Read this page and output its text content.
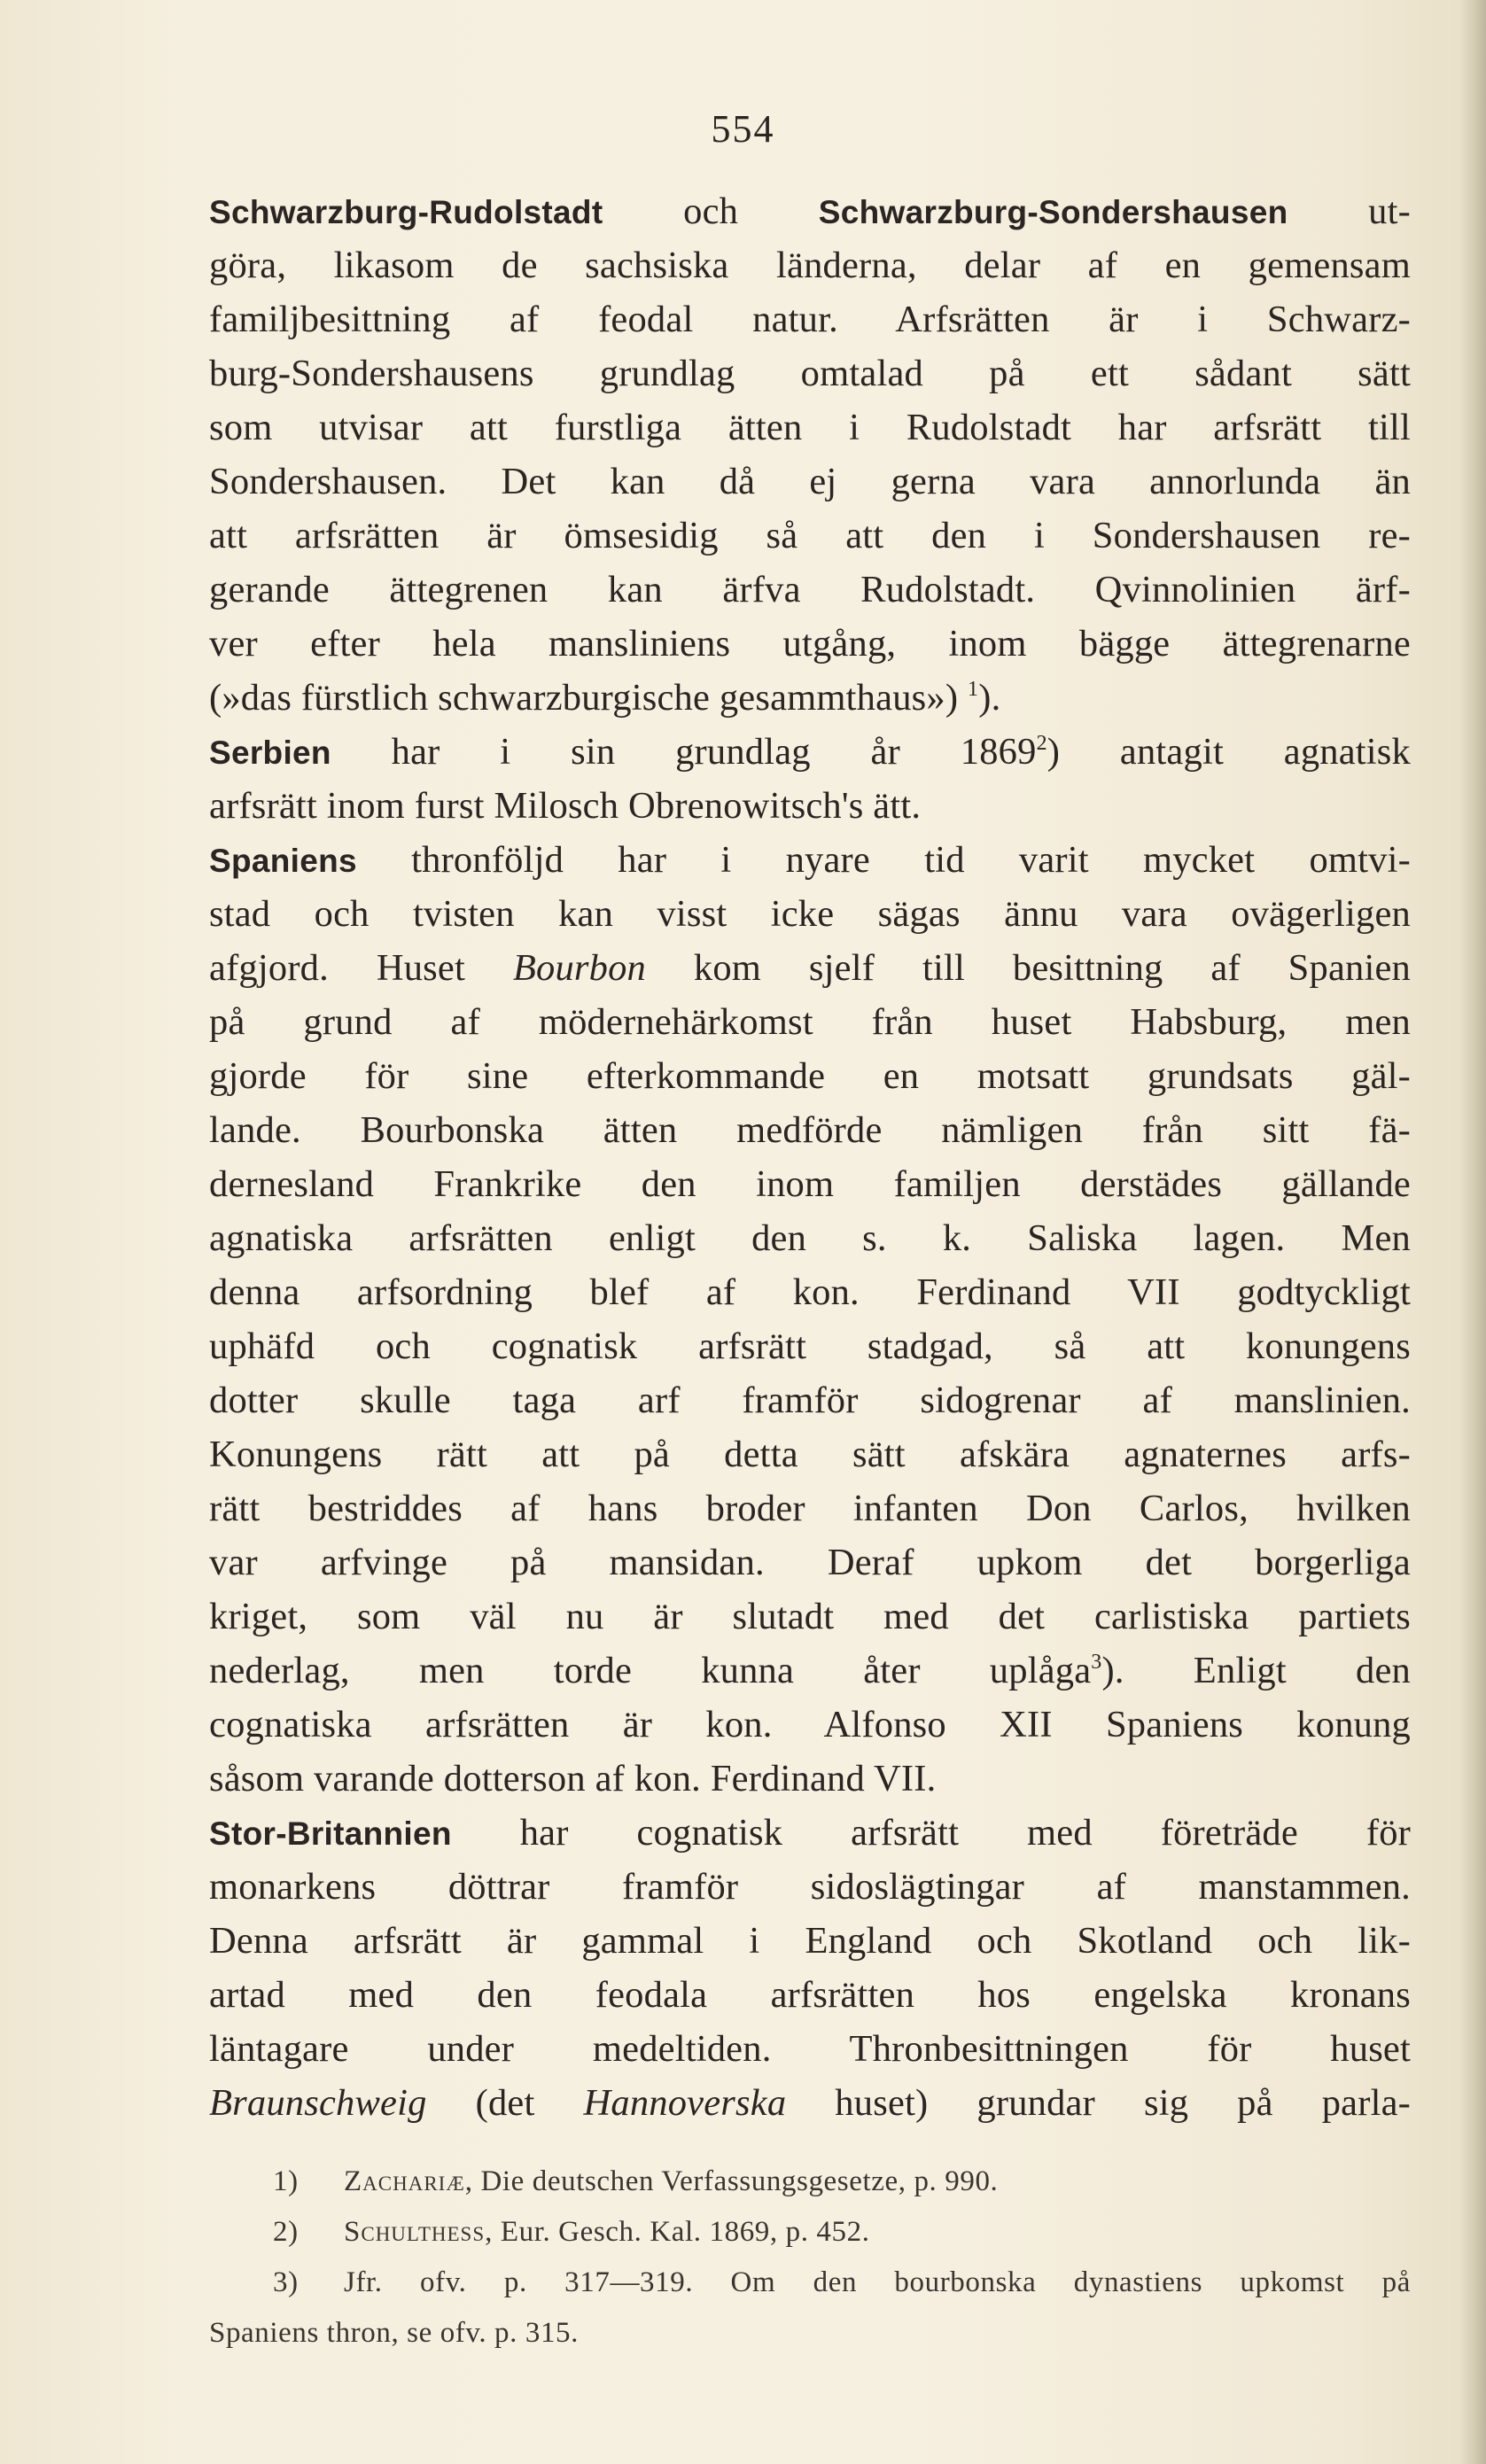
554
Schwarzburg-Rudolstadt och Schwarzburg-Sondershausen ut-
göra, likasom de sachsiska länderna, delar af en gemensam
familjbesittning af feodal natur. Arfsrätten är i Schwarz-
burg-Sondershausens grundlag omtalad på ett sådant sätt
som utvisar att furstliga ätten i Rudolstadt har arfsrätt till
Sondershausen. Det kan då ej gerna vara annorlunda än
att arfsrätten är ömsesidig så att den i Sondershausen re-
gerande ättegrenen kan ärfva Rudolstadt. Qvinnolinien ärf-
ver efter hela mansliniens utgång, inom bägge ättegrenarne
(»das fürstlich schwarzburgische gesammthaus») $^1$).
Serbien har i sin grundlag år 1869$^2$) antagit agnatisk
arfsrätt inom furst Milosch Obrenowitsch's ätt.
Spaniens thronföljd har i nyare tid varit mycket omtvi-
stad och tvisten kan visst icke sägas ännu vara ovägerligen
afgjord. Huset Bourbon kom sjelf till besittning af Spanien
på grund af mödernehärkomst från huset Habsburg, men
gjorde för sine efterkommande en motsatt grundsats gäl-
lande. Bourbonska ätten medförde nämligen från sitt fä-
dernesland Frankrike den inom familjen derstädes gällande
agnatiska arfsrätten enligt den s. k. Saliska lagen. Men
denna arfsordning blef af kon. Ferdinand VII godtyckligt
uphäfd och cognatisk arfsrätt stadgad, så att konungens
dotter skulle taga arf framför sidogrenar af manslinien.
Konungens rätt att på detta sätt afskära agnaternes arfs-
rätt bestriddes af hans broder infanten Don Carlos, hvilken
var arfvinge på mansidan. Deraf upkom det borgerliga
kriget, som väl nu är slutadt med det carlistiska partiets
nederlag, men torde kunna åter uplåga$^3$). Enligt den
cognatiska arfsrätten är kon. Alfonso XII Spaniens konung
såsom varande dotterson af kon. Ferdinand VII.
Stor-Britannien har cognatisk arfsrätt med företräde för
monarkens döttrar framför sidoslägtingar af manstammen.
Denna arfsrätt är gammal i England och Skotland och lik-
artad med den feodala arfsrätten hos engelska kronans
läntagare under medeltiden. Thronbesittningen för huset
Braunschweig (det Hannoverska huset) grundar sig på parla-
1) Zachariæ, Die deutschen Verfassungsgesetze, p. 990.
2) Schulthess, Eur. Gesch. Kal. 1869, p. 452.
3) Jfr. ofv. p. 317—319. Om den bourbonska dynastiens upkomst på
Spaniens thron, se ofv. p. 315.
